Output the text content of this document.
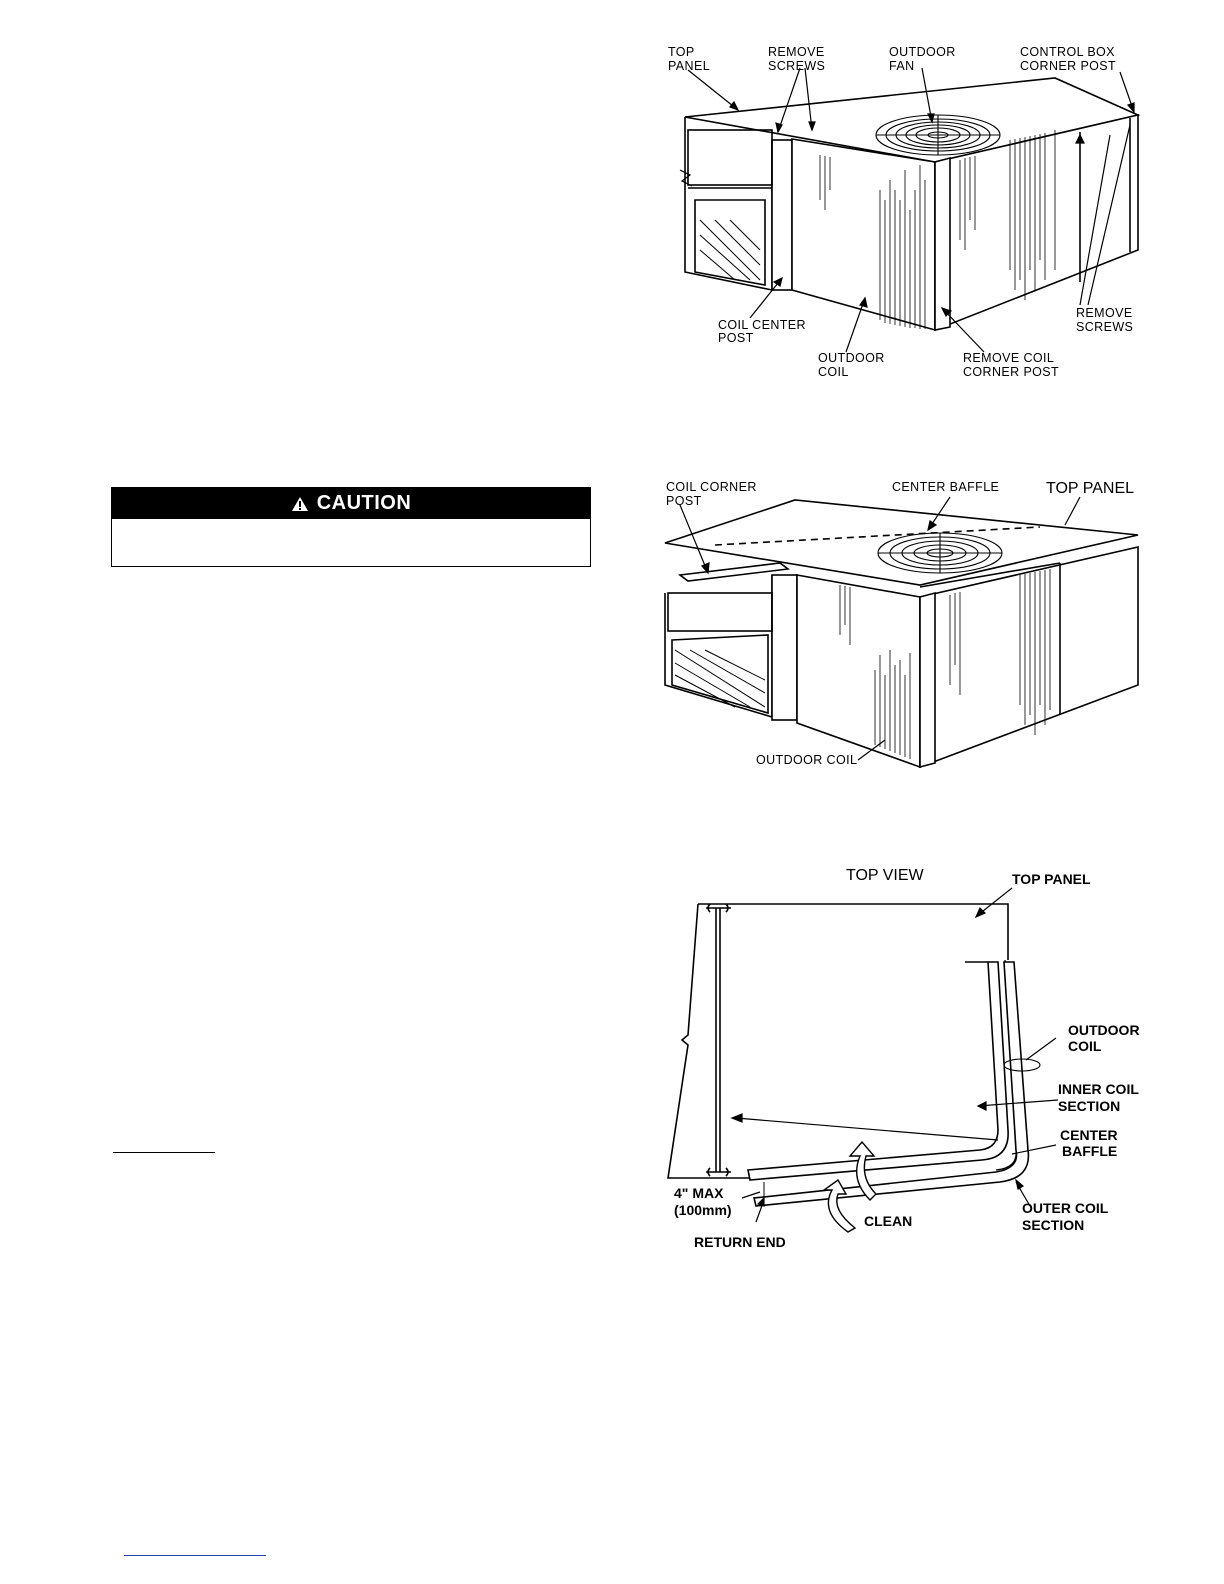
TOP
PANEL
REMOVE
SCREWS
OUTDOOR
FAN
CONTROL BOX
CORNER POST
COIL CENTER
POST
OUTDOOR
COIL
REMOVE COIL
CORNER POST
REMOVE
SCREWS
CAUTION
COIL CORNER
POST
CENTER BAFFLE	TOP PANEL
OUTDOOR COIL
TOP VIEW	TOP PANEL
OUTDOOR
COIL
INNER COIL
SECTION
CENTER
BAFFLE
4" MAX
(100mm)
CLEAN
OUTER COIL
SECTION
RETURN END
